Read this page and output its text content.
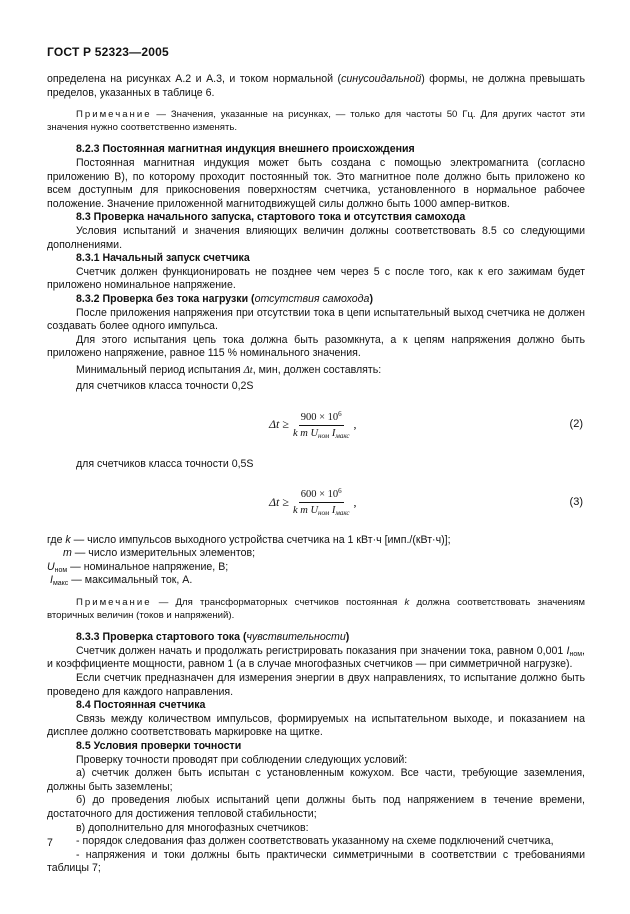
ГОСТ Р 52323—2005

определена на рисунках А.2 и А.3, и током нормальной (синусоидальной) формы, не должна превышать пределов, указанных в таблице 6.

Примечание — Значения, указанные на рисунках, — только для частоты 50 Гц. Для других частот эти значения нужно соответственно изменять.

8.2.3 Постоянная магнитная индукция внешнего происхождения

Постоянная магнитная индукция может быть создана с помощью электромагнита (согласно приложению В), по которому проходит постоянный ток. Это магнитное поле должно быть приложено ко всем доступным для прикосновения поверхностям счетчика, установленного в нормальное рабочее положение. Значение приложенной магнитодвижущей силы должно быть 1000 ампер-витков.

8.3 Проверка начального запуска, стартового тока и отсутствия самохода

Условия испытаний и значения влияющих величин должны соответствовать 8.5 со следующими дополнениями.

8.3.1 Начальный запуск счетчика

Счетчик должен функционировать не позднее чем через 5 с после того, как к его зажимам будет приложено номинальное напряжение.

8.3.2 Проверка без тока нагрузки (отсутствия самохода)

После приложения напряжения при отсутствии тока в цепи испытательный выход счетчика не должен создавать более одного импульса.

Для этого испытания цепь тока должна быть разомкнута, а к цепям напряжения должно быть приложено напряжение, равное 115 % номинального значения.

Минимальный период испытания Δt, мин, должен составлять:

для счетчиков класса точности 0,2S

$\Delta t \ge \frac{900 \times 10^6}{k m U_{ном} I_{макс}}$ ,	(2)

для счетчиков класса точности 0,5S

$\Delta t \ge \frac{600 \times 10^6}{k m U_{ном} I_{макс}}$ ,	(3)

где k — число импульсов выходного устройства счетчика на 1 кВт·ч [имп./(кВт·ч)];

m — число измерительных элементов;

$U_{ном}$ — номинальное напряжение, В;

$I_{макс}$ — максимальный ток, А.

Примечание — Для трансформаторных счетчиков постоянная k должна соответствовать значениям вторичных величин (токов и напряжений).

8.3.3 Проверка стартового тока (чувствительности)

Счетчик должен начать и продолжать регистрировать показания при значении тока, равном 0,001 $I_{ном}$, и коэффициенте мощности, равном 1 (а в случае многофазных счетчиков — при симметричной нагрузке).

Если счетчик предназначен для измерения энергии в двух направлениях, то испытание должно быть проведено для каждого направления.

8.4 Постоянная счетчика

Связь между количеством импульсов, формируемых на испытательном выходе, и показанием на дисплее должно соответствовать маркировке на щитке.

8.5 Условия проверки точности

Проверку точности проводят при соблюдении следующих условий:

а) счетчик должен быть испытан с установленным кожухом. Все части, требующие заземления, должны быть заземлены;

б) до проведения любых испытаний цепи должны быть под напряжением в течение времени, достаточного для достижения тепловой стабильности;

в) дополнительно для многофазных счетчиков:

- порядок следования фаз должен соответствовать указанному на схеме подключений счетчика,

- напряжения и токи должны быть практически симметричными в соответствии с требованиями таблицы 7;

7
